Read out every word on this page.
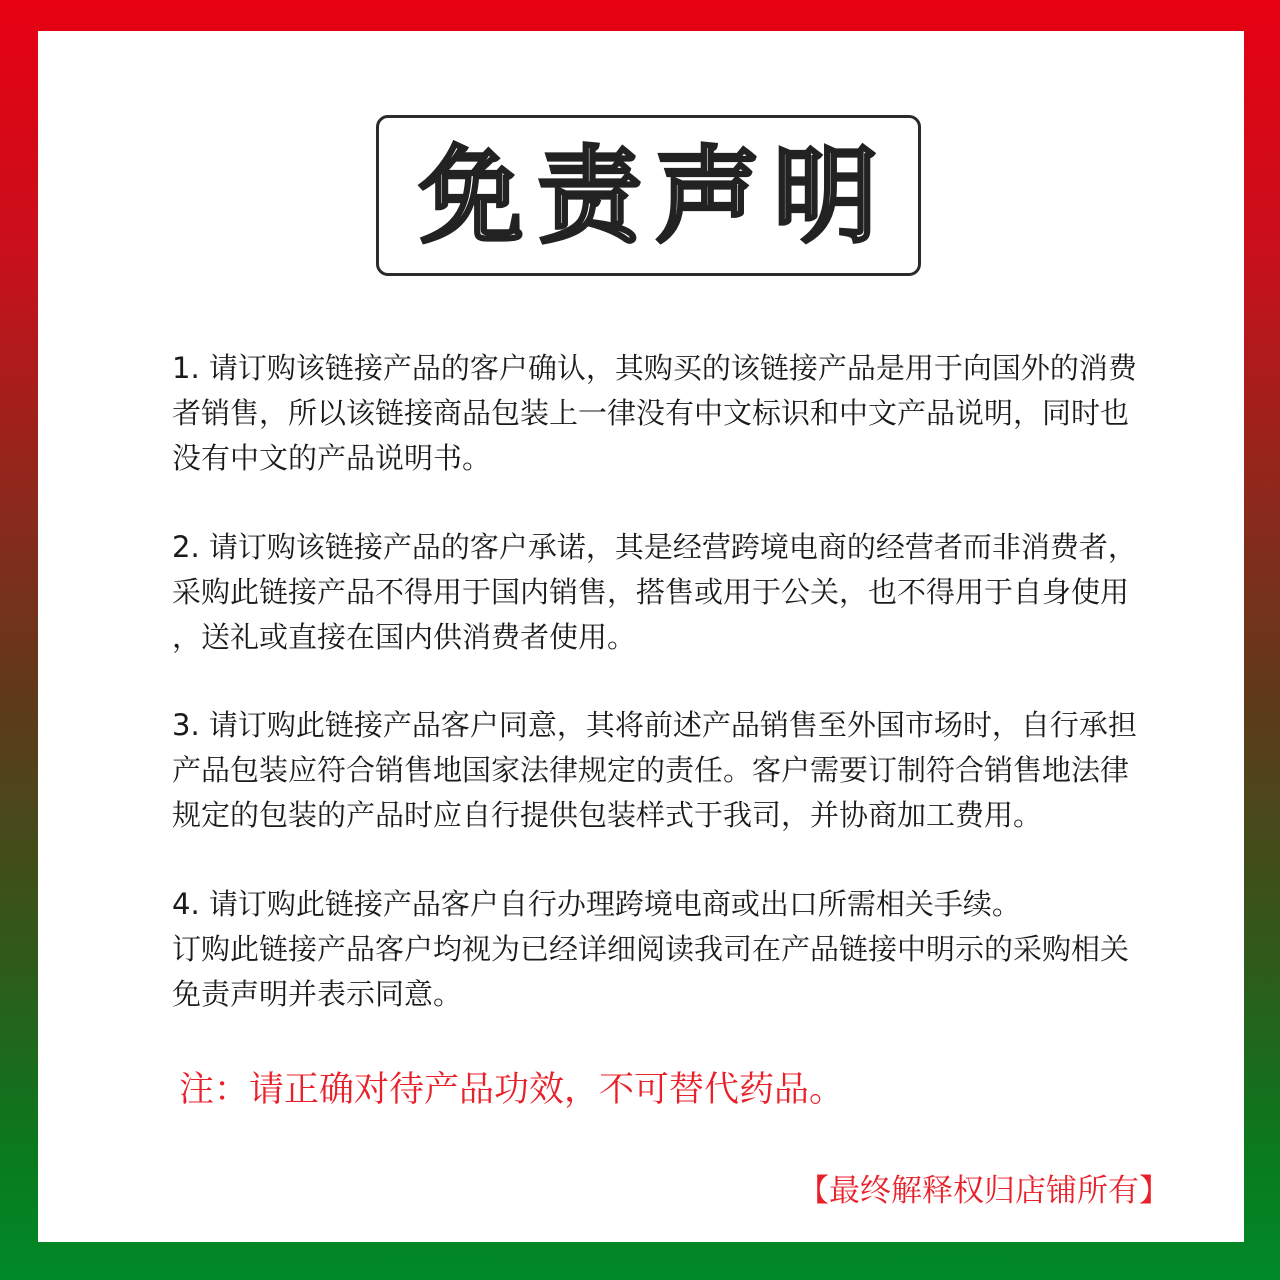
免责声明
1. 请订购该链接产品的客户确认，其购买的该链接产品是用于向国外的消费
者销售，所以该链接商品包装上一律没有中文标识和中文产品说明，同时也
没有中文的产品说明书。
2. 请订购该链接产品的客户承诺，其是经营跨境电商的经营者而非消费者，
采购此链接产品不得用于国内销售，搭售或用于公关，也不得用于自身使用
，送礼或直接在国内供消费者使用。
3. 请订购此链接产品客户同意，其将前述产品销售至外国市场时，自行承担
产品包装应符合销售地国家法律规定的责任。客户需要订制符合销售地法律
规定的包装的产品时应自行提供包装样式于我司，并协商加工费用。
4. 请订购此链接产品客户自行办理跨境电商或出口所需相关手续。
订购此链接产品客户均视为已经详细阅读我司在产品链接中明示的采购相关
免责声明并表示同意。
注：请正确对待产品功效，不可替代药品。
【最终解释权归店铺所有】
